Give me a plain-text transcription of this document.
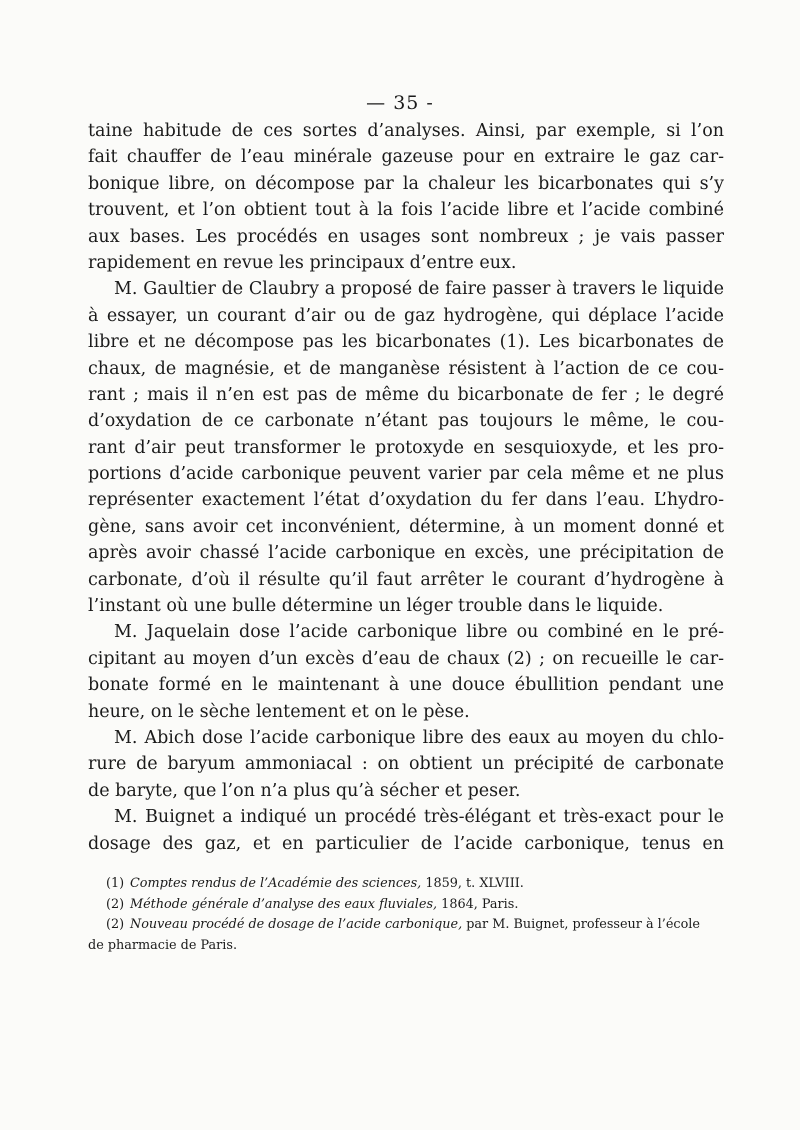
— 35 -
taine habitude de ces sortes d’analyses. Ainsi, par exemple, si l’on
fait chauffer de l’eau minérale gazeuse pour en extraire le gaz car-
bonique libre, on décompose par la chaleur les bicarbonates qui s’y
trouvent, et l’on obtient tout à la fois l’acide libre et l’acide combiné
aux bases. Les procédés en usages sont nombreux ; je vais passer
rapidement en revue les principaux d’entre eux.
M. Gaultier de Claubry a proposé de faire passer à travers le liquide
à essayer, un courant d’air ou de gaz hydrogène, qui déplace l’acide
libre et ne décompose pas les bicarbonates (1). Les bicarbonates de
chaux, de magnésie, et de manganèse résistent à l’action de ce cou-
rant ; mais il n’en est pas de même du bicarbonate de fer ; le degré
d’oxydation de ce carbonate n’étant pas toujours le même, le cou-
rant d’air peut transformer le protoxyde en sesquioxyde, et les pro-
portions d’acide carbonique peuvent varier par cela même et ne plus
représenter exactement l’état d’oxydation du fer dans l’eau. L’hydro-
gène, sans avoir cet inconvénient, détermine, à un moment donné et
après avoir chassé l’acide carbonique en excès, une précipitation de
carbonate, d’où il résulte qu’il faut arrêter le courant d’hydrogène à
l’instant où une bulle détermine un léger trouble dans le liquide.
M. Jaquelain dose l’acide carbonique libre ou combiné en le pré-
cipitant au moyen d’un excès d’eau de chaux (2) ; on recueille le car-
bonate formé en le maintenant à une douce ébullition pendant une
heure, on le sèche lentement et on le pèse.
M. Abich dose l’acide carbonique libre des eaux au moyen du chlo-
rure de baryum ammoniacal : on obtient un précipité de carbonate
de baryte, que l’on n’a plus qu’à sécher et peser.
M. Buignet a indiqué un procédé très-élégant et très-exact pour le
dosage des gaz, et en particulier de l’acide carbonique, tenus en
(1) Comptes rendus de l’Académie des sciences, 1859, t. XLVIII.
(2) Méthode générale d’analyse des eaux fluviales, 1864, Paris.
(2) Nouveau procédé de dosage de l’acide carbonique, par M. Buignet, professeur à l’école
de pharmacie de Paris.
